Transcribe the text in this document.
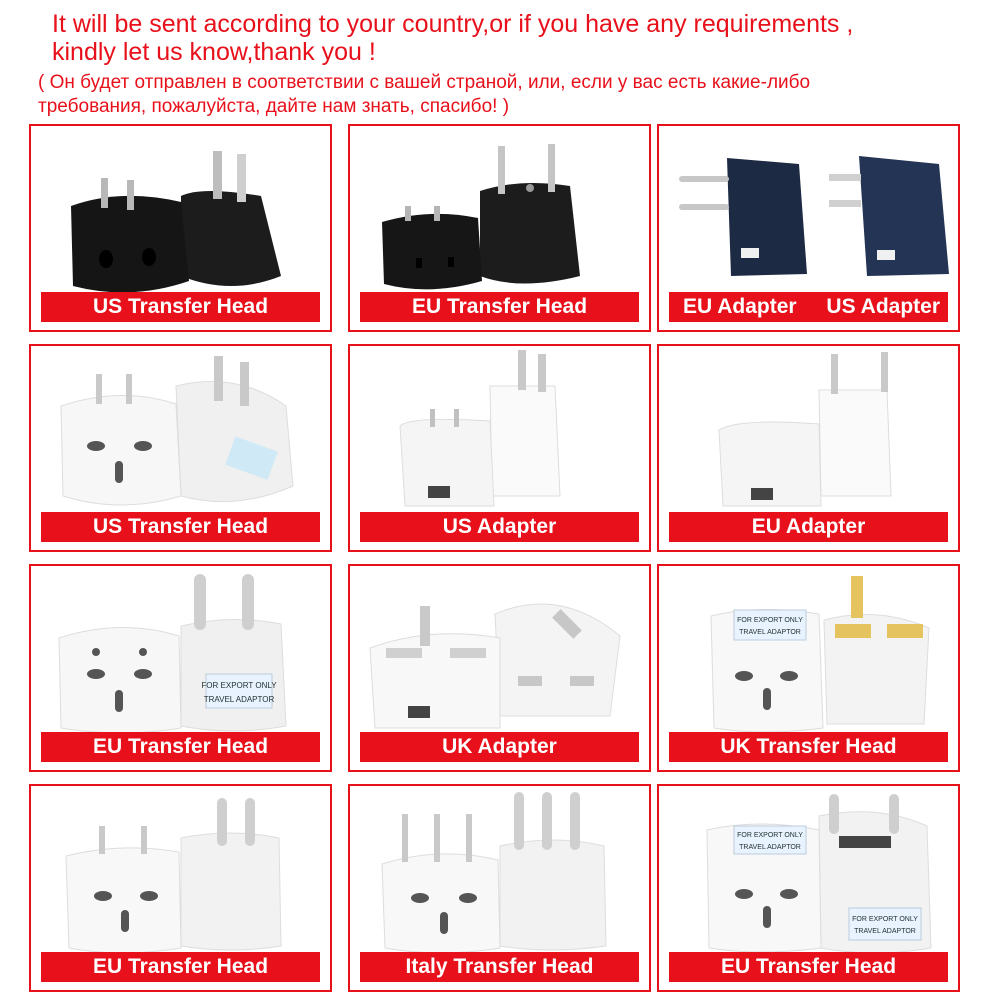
It will be sent according to your country,or if you have any requirements ,
kindly let us know,thank you !
( Он будет отправлен в соответствии с вашей страной, или, если у вас есть какие-либо
требования, пожалуйста, дайте нам знать, спасибо! )
US Transfer Head	EU Transfer Head	EU Adapter US Adapter
US Transfer Head	US Adapter	EU Adapter
FOR EXPORT ONLY
TRAVEL ADAPTOR
EU Transfer Head	UK Adapter
FOR EXPORT ONLY
TRAVEL ADAPTOR
UK Transfer Head
EU Transfer Head	Italy Transfer Head
FOR EXPORT ONLY
TRAVEL ADAPTOR
FOR EXPORT ONLY
TRAVEL ADAPTOR
EU Transfer Head
